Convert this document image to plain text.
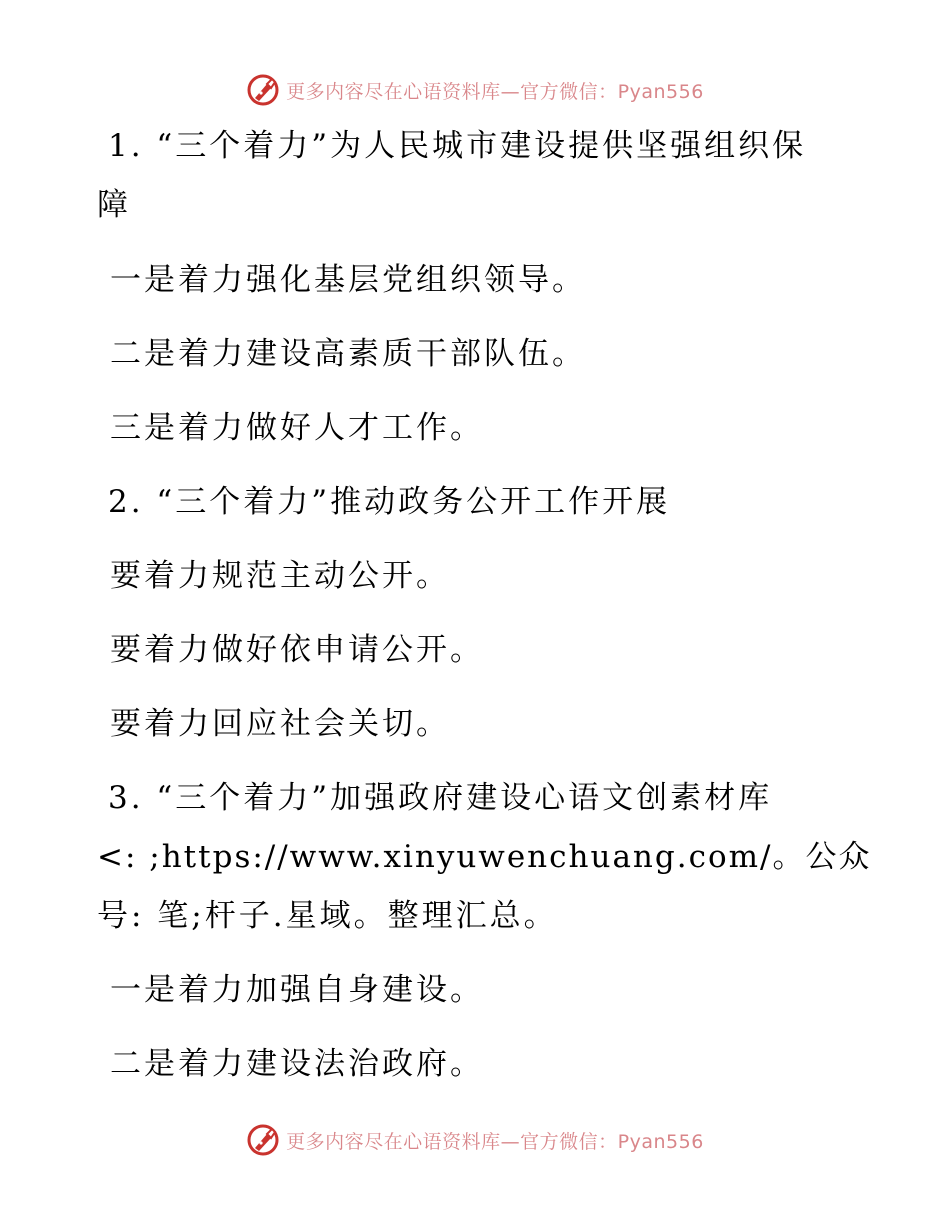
更多内容尽在心语资料库—官方微信：Pyan556
1. “三个着力”为人民城市建设提供坚强组织保
障
一是着力强化基层党组织领导。
二是着力建设高素质干部队伍。
三是着力做好人才工作。
2. “三个着力”推动政务公开工作开展
要着力规范主动公开。
要着力做好依申请公开。
要着力回应社会关切。
3. “三个着力”加强政府建设心语文创素材库
<: ;https://www.xinyuwenchuang.com/。公众
号: 笔;杆子.星域。整理汇总。
一是着力加强自身建设。
二是着力建设法治政府。
更多内容尽在心语资料库—官方微信：Pyan556
